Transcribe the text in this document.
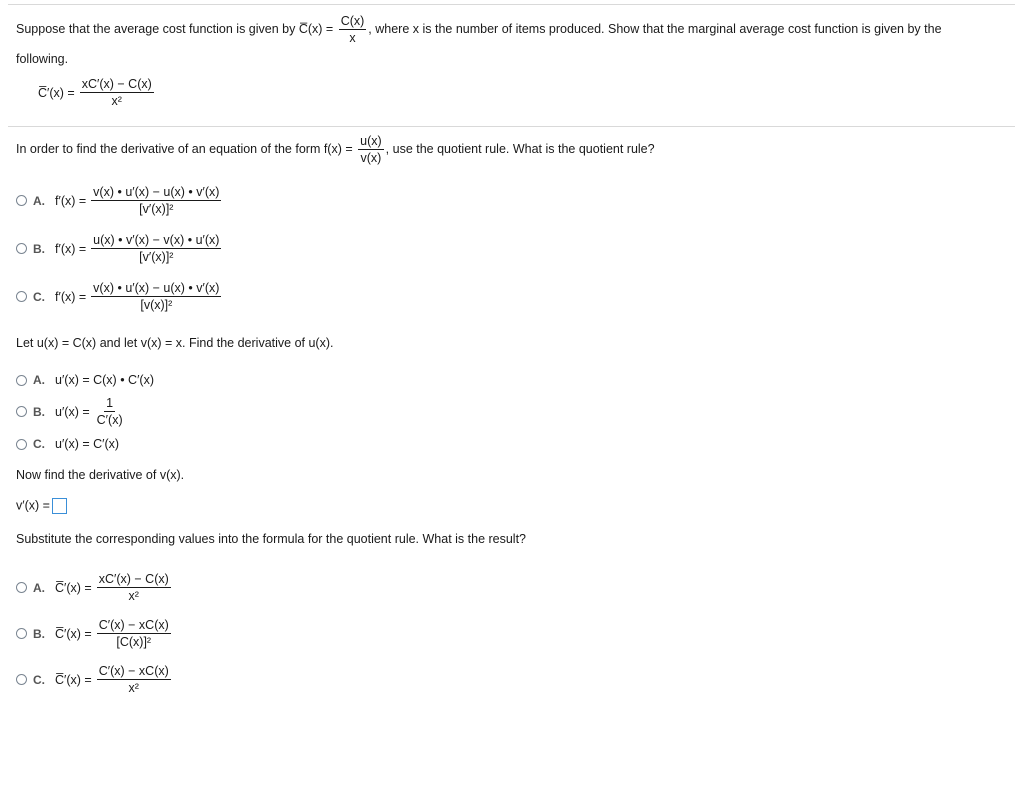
Suppose that the average cost function is given by C̅(x) = $\frac{C(x)}{x}$ , where x is the number of items produced. Show that the marginal average cost function is given by the
following.
C̅′(x) = $\frac{xC'(x) - C(x)}{\text{x²}}$
In order to find the derivative of an equation of the form $f(x) = \frac{u(x)}{v(x)}$ , use the quotient rule. What is the quotient rule?
A. $f'(x) = \frac{v(x) • u'(x) - u(x) • v'(x)}{\text{[v′(x)]²}}$
B. $f'(x) = \frac{u(x) • v'(x) - v(x) • u'(x)}{\text{[v′(x)]²}}$
C. $f'(x) = \frac{v(x) • u'(x) - u(x) • v'(x)}{\text{[v(x)]²}}$
Let u(x) = C(x) and let v(x) = x. Find the derivative of u(x).
A. u′(x) = C(x) • C′(x)
B. $u'(x) = \frac{1}{C'(x)}$
C. u′(x) = C′(x)
Now find the derivative of v(x).
v′(x) =
Substitute the corresponding values into the formula for the quotient rule. What is the result?
A. C̅′(x) = $\frac{xC'(x) - C(x)}{\text{x²}}$
B. C̅′(x) = $\frac{C'(x) - xC(x)}{\text{[C(x)]²}}$
C. C̅′(x) = $\frac{C'(x) - xC(x)}{\text{x²}}$
